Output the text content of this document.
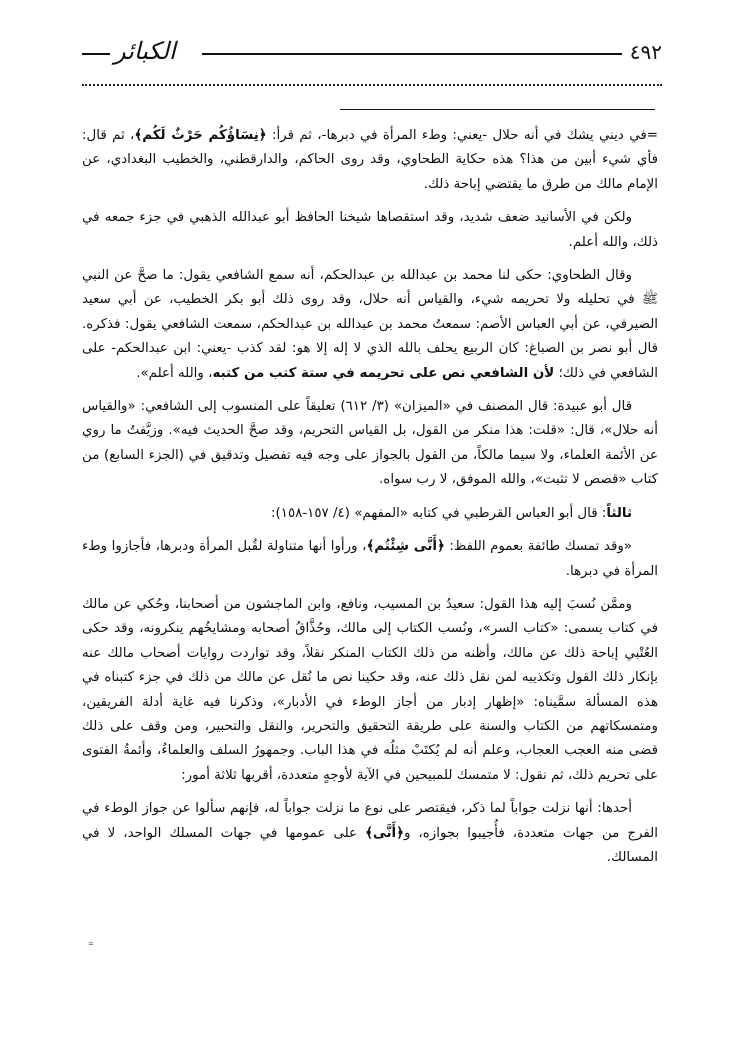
٤٩٢
الكبائر

=في ديني يشك في أنه حلال -يعني: وطء المرأة في دبرها-، ثم قرأ: ﴿نِسَاؤُكُم حَرْثٌ لَكُم﴾، ثم قال: فأي شيء أبين من هذا؟ هذه حكاية الطحاوي، وقد روى الحاكم، والدارقطني، والخطيب البغدادي، عن الإمام مالك من طرق ما يقتضي إباحة ذلك.

ولكن في الأسانيد ضعف شديد، وقد استقصاها شيخنا الحافظ أبو عبدالله الذهبي في جزء جمعه في ذلك، والله أعلم.

وقال الطحاوي: حكى لنا محمد بن عبدالله بن عبدالحكم، أنه سمع الشافعي يقول: ما صحَّ عن النبي ﷺ في تحليله ولا تحريمه شيء، والقياس أنه حلال، وقد روى ذلك أبو بكر الخطيب، عن أبي سعيد الصيرفي، عن أبي العباس الأصم: سمعتُ محمد بن عبدالله بن عبدالحكم، سمعت الشافعي يقول: فذكره. قال أبو نصر بن الصباغ: كان الربيع يحلف بالله الذي لا إله إلا هو: لقد كذب -يعني: ابن عبدالحكم- على الشافعي في ذلك؛ لأن الشافعي نص على تحريمه في ستة كتب من كتبه، والله أعلم».

قال أبو عبيدة: قال المصنف في «الميزان» (٣/ ٦١٢) تعليقاً على المنسوب إلى الشافعي: «والقياس أنه حلال»، قال: «قلت: هذا منكر من القول، بل القياس التحريم، وقد صحَّ الحديث فيه». وزيَّفتُ ما روي عن الأئمة العلماء، ولا سيما مالكاً، من القول بالجواز على وجه فيه تفصيل وتدقيق في (الجزء السابع) من كتاب «قصص لا تثبت»، والله الموفق، لا رب سواه.

ثالثاً: قال أبو العباس القرطبي في كتابه «المفهم» (٤/ ١٥٧-١٥٨):

«وقد تمسك طائفة بعموم اللفظ: ﴿أَنَّى شِئْتُم﴾، ورأوا أنها متناولة لقُبل المرأة ودبرها، فأجازوا وطء المرأة في دبرها.

وممَّن نُسبَ إليه هذا القول: سعيدُ بن المسيب، ونافع، وابن الماجشون من أصحابنا، وحُكي عن مالك في كتاب يسمى: «كتاب السر»، ونُسب الكتاب إلى مالك، وحُذَّاقُ أصحابه ومشايخُهم ينكرونه، وقد حكى العُتْبي إباحة ذلك عن مالك، وأظنه من ذلك الكتاب المنكر نقلاً، وقد تواردت روايات أصحاب مالك عنه بإنكار ذلك القول وتكذيبه لمن نقل ذلك عنه، وقد حكينا نص ما نُقل عن مالك من ذلك في جزء كتبناه في هذه المسألة سمَّيناه: «إظهار إدبار من أجاز الوطء في الأدبار»، وذكرنا فيه غاية أدلة الفريقين، ومتمسكاتهم من الكتاب والسنة على طريقة التحقيق والتحرير، والنقل والتحبير، ومن وقف على ذلك قضى منه العجب العجاب، وعلم أنه لم يُكتَبْ مثلُه في هذا الباب. وجمهورُ السلف والعلماءُ، وأئمةُ الفتوى على تحريم ذلك، ثم نقول: لا متمسك للمبيحين في الآية لأوجهٍ متعددة، أقربها ثلاثة أمور:

أحدها: أنها نزلت جواباً لما ذكر، فيقتصر على نوع ما نزلت جواباً له، فإنهم سألوا عن جواز الوطء في الفرج من جهات متعددة، فأُجيبوا بجوازه، و﴿أَنَّى﴾ على عمومها في جهات المسلك الواحد، لا في المسالك.

=
